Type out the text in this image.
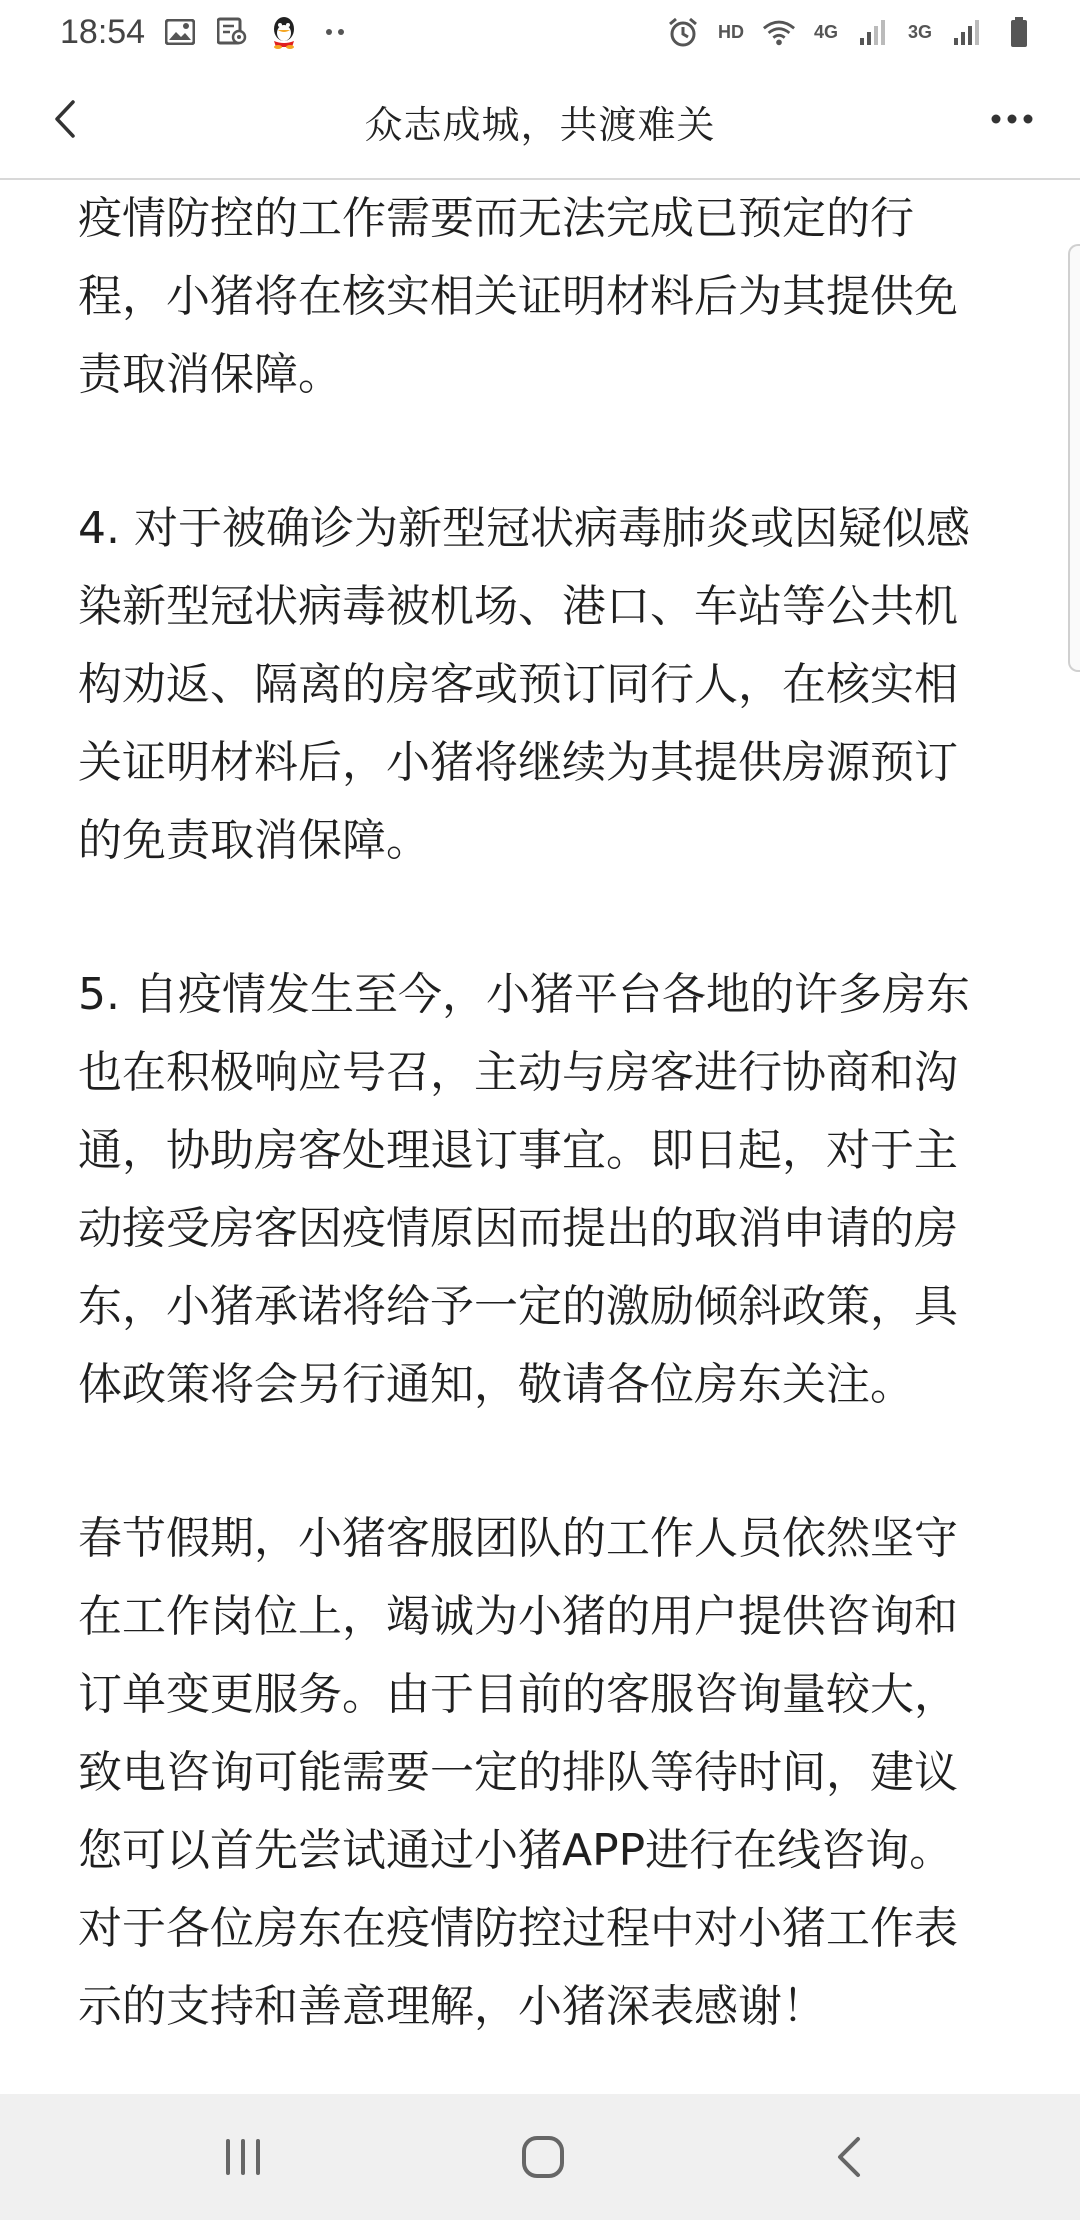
18:54	HD	4G	3G
众志成城，共渡难关
疫情防控的工作需要而无法完成已预定的行
程，小猪将在核实相关证明材料后为其提供免
责取消保障。
4. 对于被确诊为新型冠状病毒肺炎或因疑似感
染新型冠状病毒被机场、港口、车站等公共机
构劝返、隔离的房客或预订同行人，在核实相
关证明材料后，小猪将继续为其提供房源预订
的免责取消保障。
5. 自疫情发生至今，小猪平台各地的许多房东
也在积极响应号召，主动与房客进行协商和沟
通，协助房客处理退订事宜。即日起，对于主
动接受房客因疫情原因而提出的取消申请的房
东，小猪承诺将给予一定的激励倾斜政策，具
体政策将会另行通知，敬请各位房东关注。
春节假期，小猪客服团队的工作人员依然坚守
在工作岗位上，竭诚为小猪的用户提供咨询和
订单变更服务。由于目前的客服咨询量较大，
致电咨询可能需要一定的排队等待时间，建议
您可以首先尝试通过小猪APP进行在线咨询。
对于各位房东在疫情防控过程中对小猪工作表
示的支持和善意理解，小猪深表感谢！
